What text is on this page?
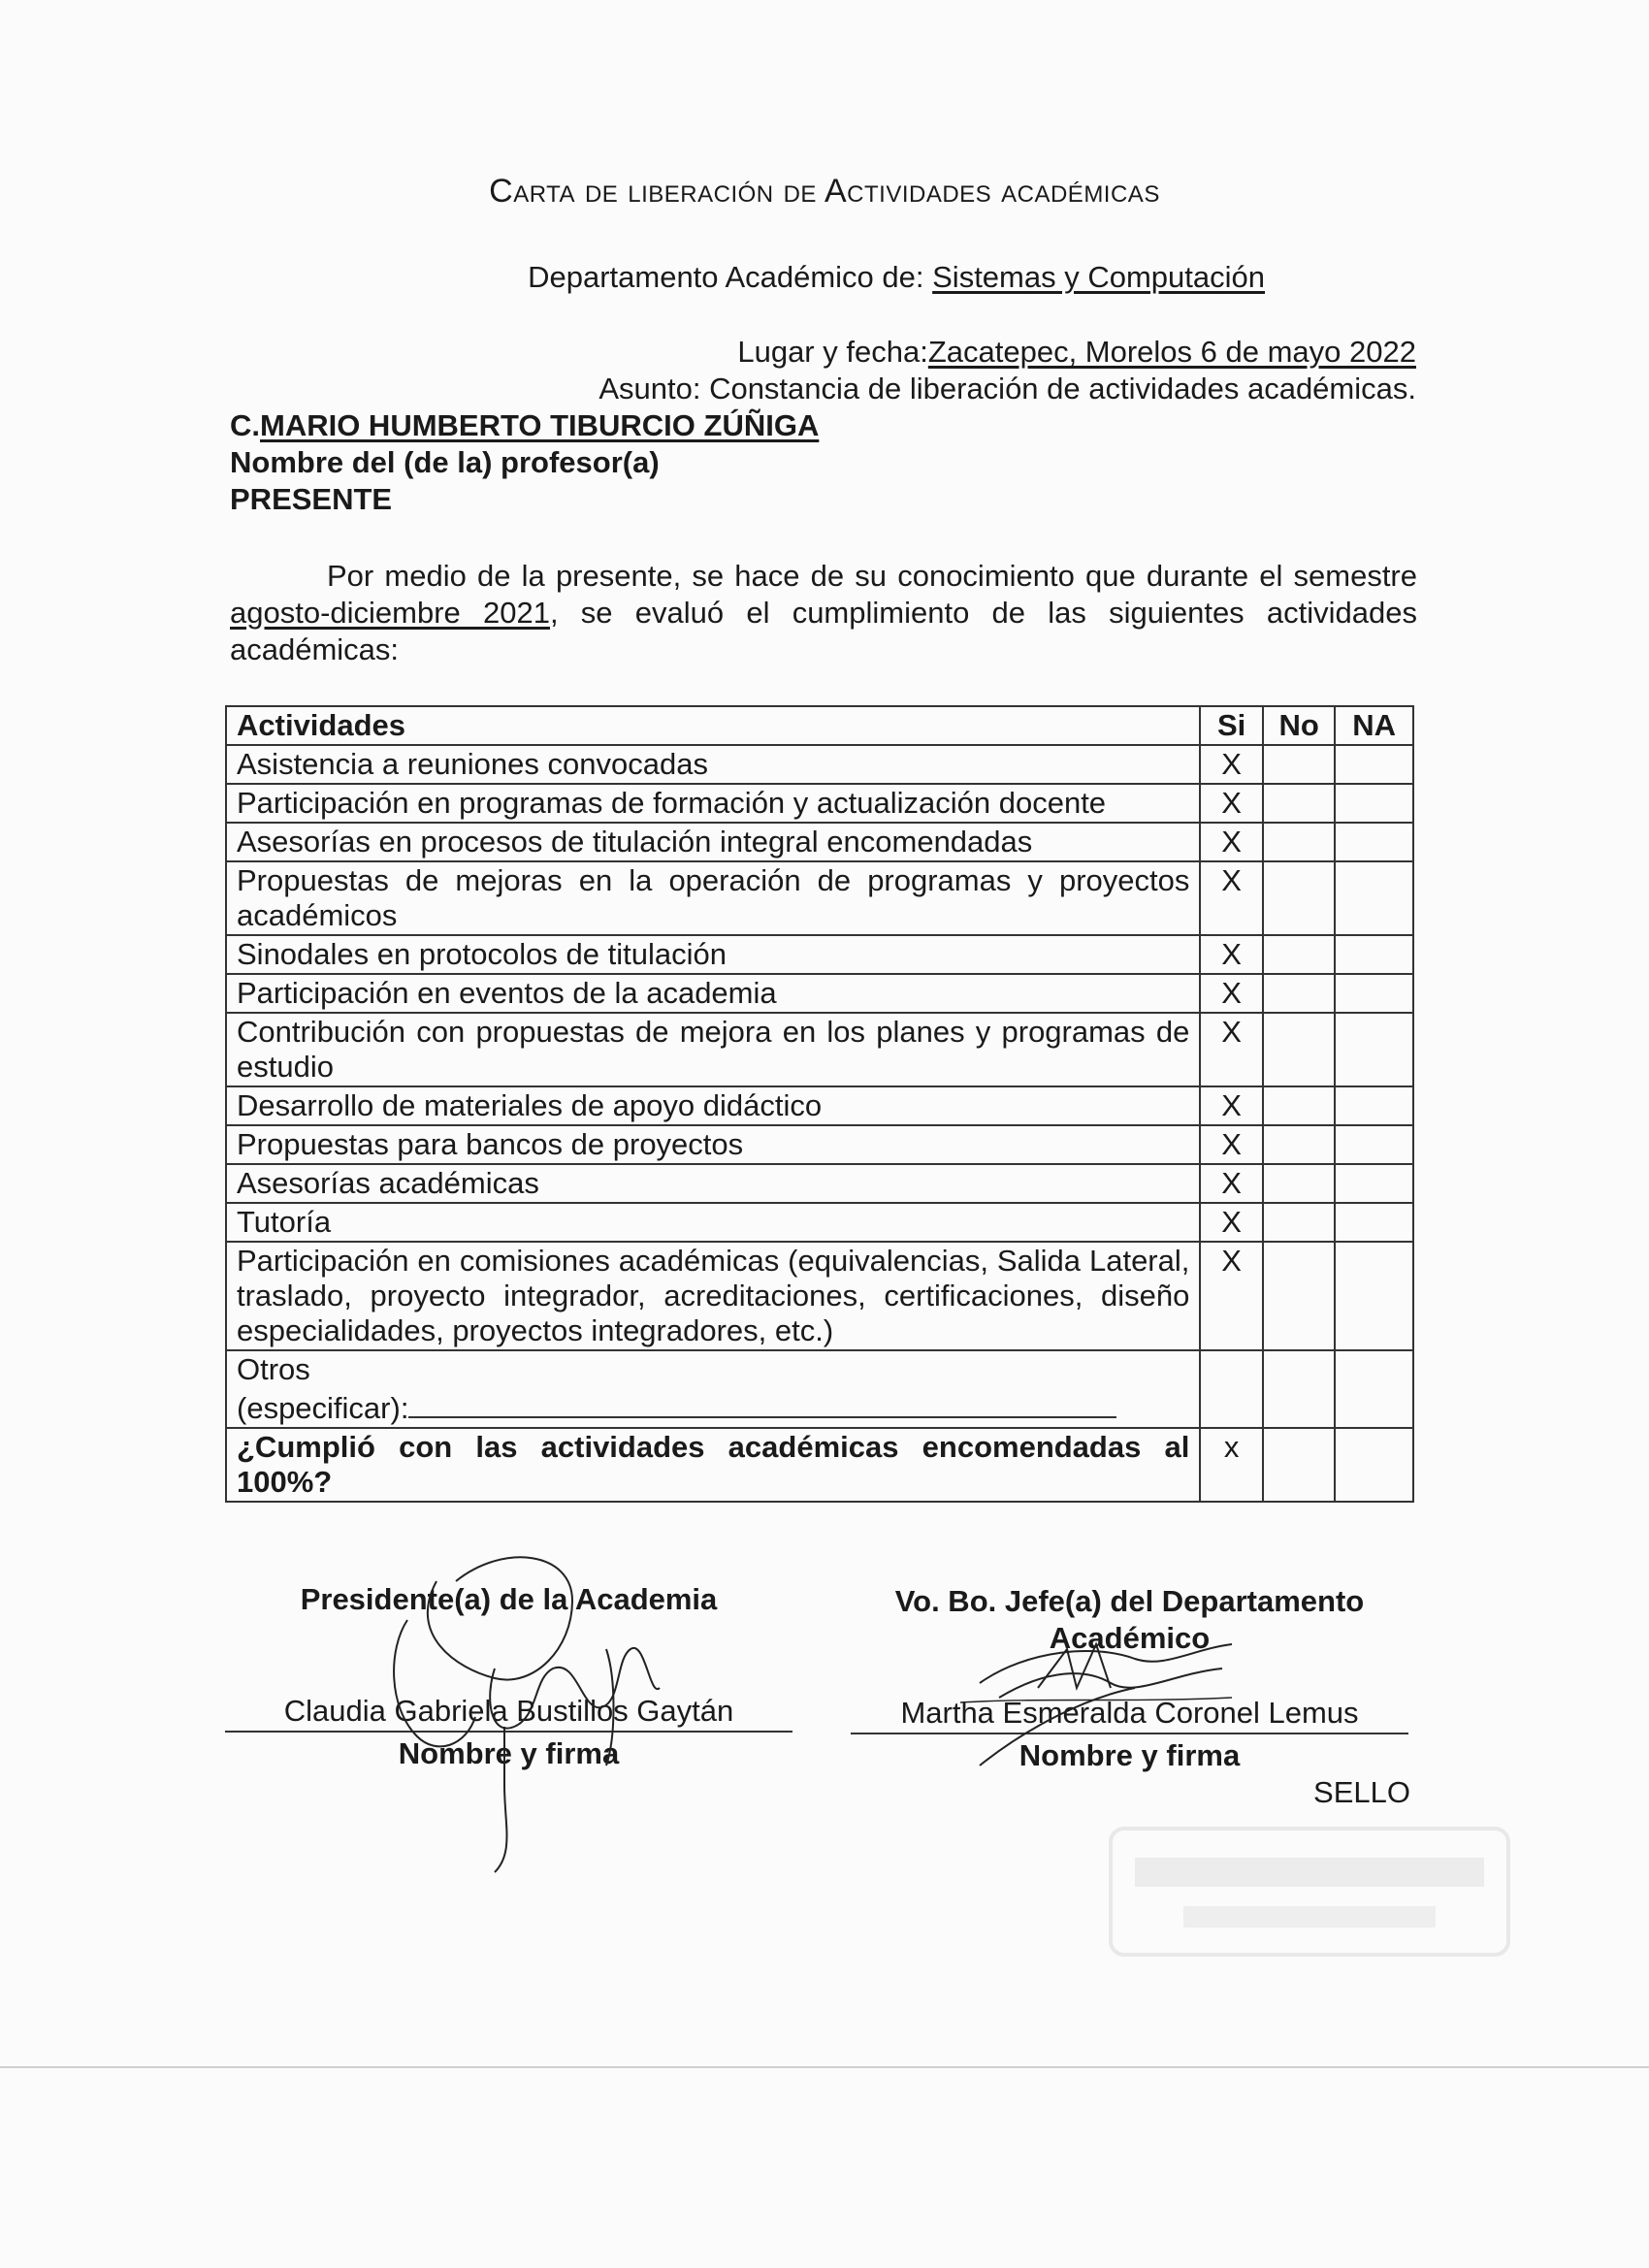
Carta de liberación de Actividades académicas
Departamento Académico de: Sistemas y Computación
Lugar y fecha:Zacatepec, Morelos 6 de mayo 2022
Asunto: Constancia de liberación de actividades académicas.
C.MARIO HUMBERTO TIBURCIO ZÚÑIGA
Nombre del (de la) profesor(a)
PRESENTE
Por medio de la presente, se hace de su conocimiento que durante el semestre agosto-diciembre 2021, se evaluó el cumplimiento de las siguientes actividades académicas:
Actividades	Si	No	NA
Asistencia a reuniones convocadas	X		
Participación en programas de formación y actualización docente	X		
Asesorías en procesos de titulación integral encomendadas	X		
Propuestas de mejoras en la operación de programas y proyectos académicos	X		
Sinodales en protocolos de titulación	X		
Participación en eventos de la academia	X		
Contribución con propuestas de mejora en los planes y programas de estudio	X		
Desarrollo de materiales de apoyo didáctico	X		
Propuestas para bancos de proyectos	X		
Asesorías académicas	X		
Tutoría	X		
Participación en comisiones académicas (equivalencias, Salida Lateral, traslado, proyecto integrador, acreditaciones, certificaciones, diseño especialidades, proyectos integradores, etc.)	X		

Otros
(especificar):			

¿Cumplió con las actividades académicas encomendadas al 100%?	x		
Presidente(a) de la Academia
Claudia Gabriela Bustillos Gaytán
Nombre y firma
Vo. Bo. Jefe(a) del Departamento Académico
Martha Esmeralda Coronel Lemus
Nombre y firma
SELLO
